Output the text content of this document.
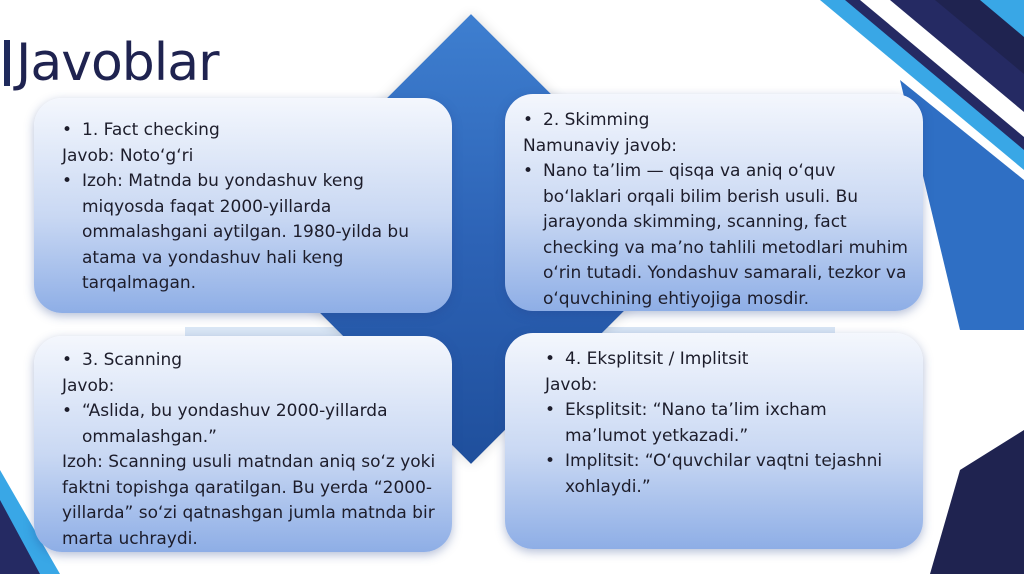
Javoblar
• 1. Fact checking

Javob: Noto‘g‘ri

• Izoh: Matnda bu yondashuv keng miqyosda faqat 2000-yillarda ommalashgani aytilgan. 1980-yilda bu atama va yondashuv hali keng tarqalmagan.
• 2. Skimming

Namunaviy javob:

• Nano ta’lim — qisqa va aniq o‘quv bo‘laklari orqali bilim berish usuli. Bu jarayonda skimming, scanning, fact checking va ma’no tahlili metodlari muhim o‘rin tutadi. Yondashuv samarali, tezkor va o‘quvchining ehtiyojiga mosdir.
• 3. Scanning

Javob:

• “Aslida, bu yondashuv 2000-yillarda ommalashgan.”

Izoh: Scanning usuli matndan aniq so‘z yoki faktni topishga qaratilgan. Bu yerda “2000-yillarda” so‘zi qatnashgan jumla matnda bir marta uchraydi.

• 4. Eksplitsit / Implitsit

Javob:

• Eksplitsit: “Nano ta’lim ixcham ma’lumot yetkazadi.”
• Implitsit: “O‘quvchilar vaqtni tejashni xohlaydi.”
